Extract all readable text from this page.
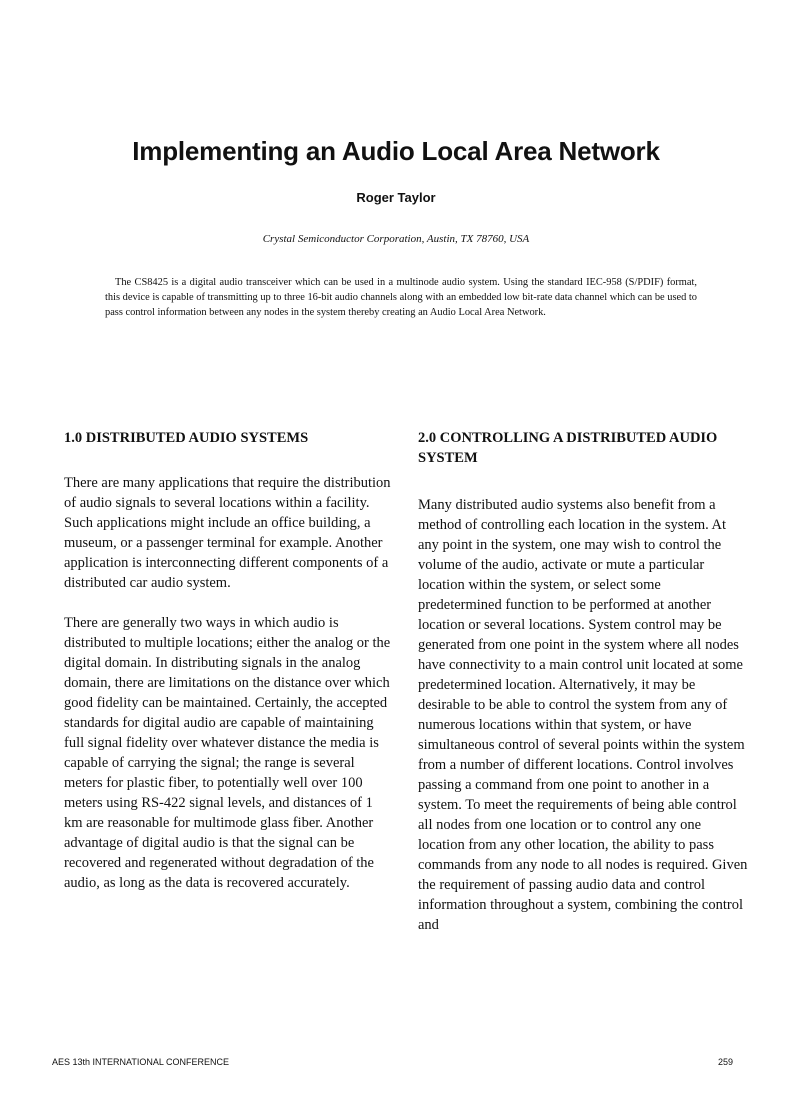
Implementing an Audio Local Area Network
Roger Taylor
Crystal Semiconductor Corporation, Austin, TX 78760, USA

The CS8425 is a digital audio transceiver which can be used in a multinode audio system. Using the standard IEC-958 (S/PDIF) format, this device is capable of transmitting up to three 16-bit audio channels along with an embedded low bit-rate data channel which can be used to pass control information between any nodes in the system thereby creating an Audio Local Area Network.

1.0 DISTRIBUTED AUDIO SYSTEMS

There are many applications that require the distribution of audio signals to several locations within a facility. Such applications might include an office building, a museum, or a passenger terminal for example. Another application is interconnecting different components of a distributed car audio system.

There are generally two ways in which audio is distributed to multiple locations; either the analog or the digital domain. In distributing signals in the analog domain, there are limitations on the distance over which good fidelity can be maintained. Certainly, the accepted standards for digital audio are capable of maintaining full signal fidelity over whatever distance the media is capable of carrying the signal; the range is several meters for plastic fiber, to potentially well over 100 meters using RS-422 signal levels, and distances of 1 km are reasonable for multimode glass fiber. Another advantage of digital audio is that the signal can be recovered and regenerated without degradation of the audio, as long as the data is recovered accurately.

2.0 CONTROLLING A DISTRIBUTED AUDIO SYSTEM

Many distributed audio systems also benefit from a method of controlling each location in the system. At any point in the system, one may wish to control the volume of the audio, activate or mute a particular location within the system, or select some predetermined function to be performed at another location or several locations. System control may be generated from one point in the system where all nodes have connectivity to a main control unit located at some predetermined location. Alternatively, it may be desirable to be able to control the system from any of numerous locations within that system, or have simultaneous control of several points within the system from a number of different locations. Control involves passing a command from one point to another in a system. To meet the requirements of being able control all nodes from one location or to control any one location from any other location, the ability to pass commands from any node to all nodes is required. Given the requirement of passing audio data and control information throughout a system, combining the control and

AES 13th INTERNATIONAL CONFERENCE	259
